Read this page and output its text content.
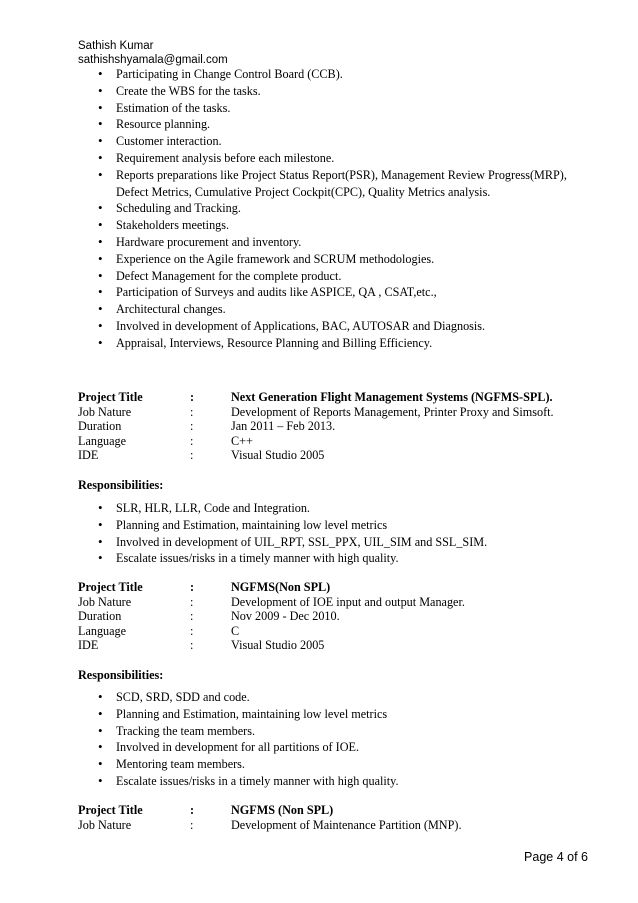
Sathish Kumar
sathishshyamala@gmail.com
• Participating in Change Control Board (CCB).
• Create the WBS for the tasks.
• Estimation of the tasks.
• Resource planning.
• Customer interaction.
• Requirement analysis before each milestone.
• Reports preparations like Project Status Report(PSR), Management Review Progress(MRP), Defect Metrics, Cumulative Project Cockpit(CPC), Quality Metrics analysis.
• Scheduling and Tracking.
• Stakeholders meetings.
• Hardware procurement and inventory.
• Experience on the Agile framework and SCRUM methodologies.
• Defect Management for the complete product.
• Participation of Surveys and audits like ASPICE, QA , CSAT,etc.,
• Architectural changes.
• Involved in development of Applications, BAC, AUTOSAR and Diagnosis.
• Appraisal, Interviews, Resource Planning and Billing Efficiency.
Project Title	:	Next Generation Flight Management Systems (NGFMS-SPL).
Job Nature	:	Development of Reports Management, Printer Proxy and Simsoft.
Duration	:	Jan 2011 – Feb 2013.
Language	:	C++
IDE	:	Visual Studio 2005
Responsibilities:
• SLR, HLR, LLR, Code and Integration.
• Planning and Estimation, maintaining low level metrics
• Involved in development of UIL_RPT, SSL_PPX, UIL_SIM and SSL_SIM.
• Escalate issues/risks in a timely manner with high quality.
Project Title	:	NGFMS(Non SPL)
Job Nature	:	Development of IOE input and output Manager.
Duration	:	Nov 2009 - Dec 2010.
Language	:	C
IDE	:	Visual Studio 2005
Responsibilities:
• SCD, SRD, SDD and code.
• Planning and Estimation, maintaining low level metrics
• Tracking the team members.
• Involved in development for all partitions of IOE.
• Mentoring team members.
• Escalate issues/risks in a timely manner with high quality.
Project Title	:	NGFMS (Non SPL)
Job Nature	:	Development of Maintenance Partition (MNP).
Page 4 of 6
